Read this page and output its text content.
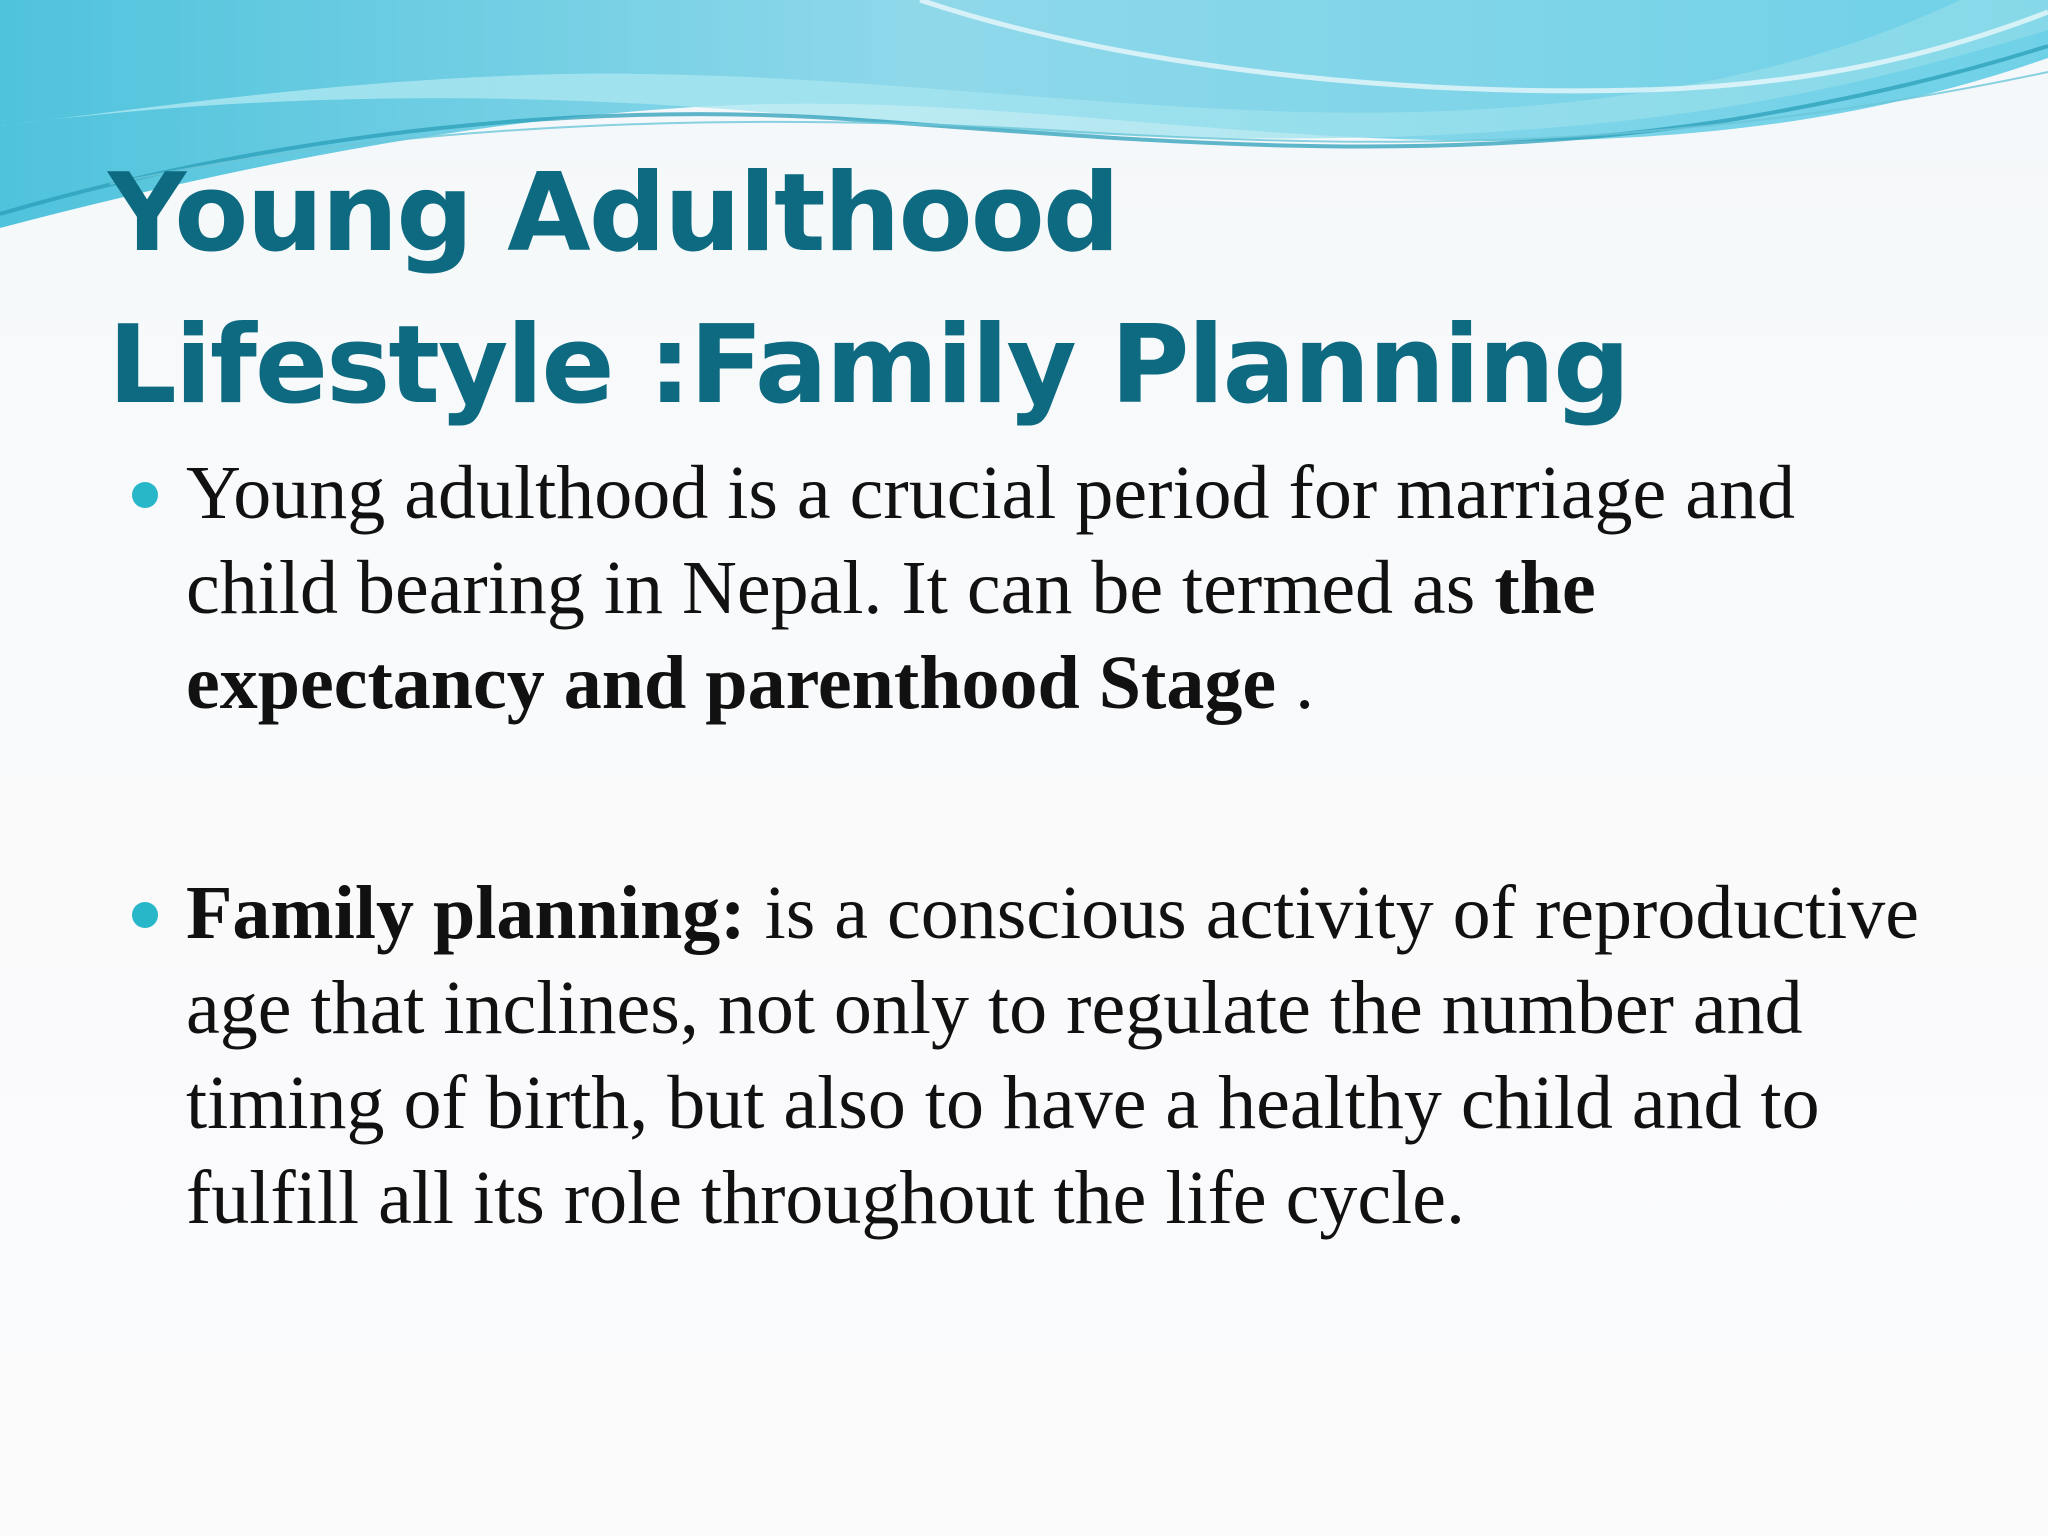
Young Adulthood
Lifestyle :Family Planning

Young adulthood is a crucial period for marriage and child bearing in Nepal. It can be termed as the expectancy and parenthood Stage .

Family planning: is a conscious activity of reproductive age that inclines, not only to regulate the number and timing of birth, but also to have a healthy child and to fulfill all its role throughout the life cycle.
